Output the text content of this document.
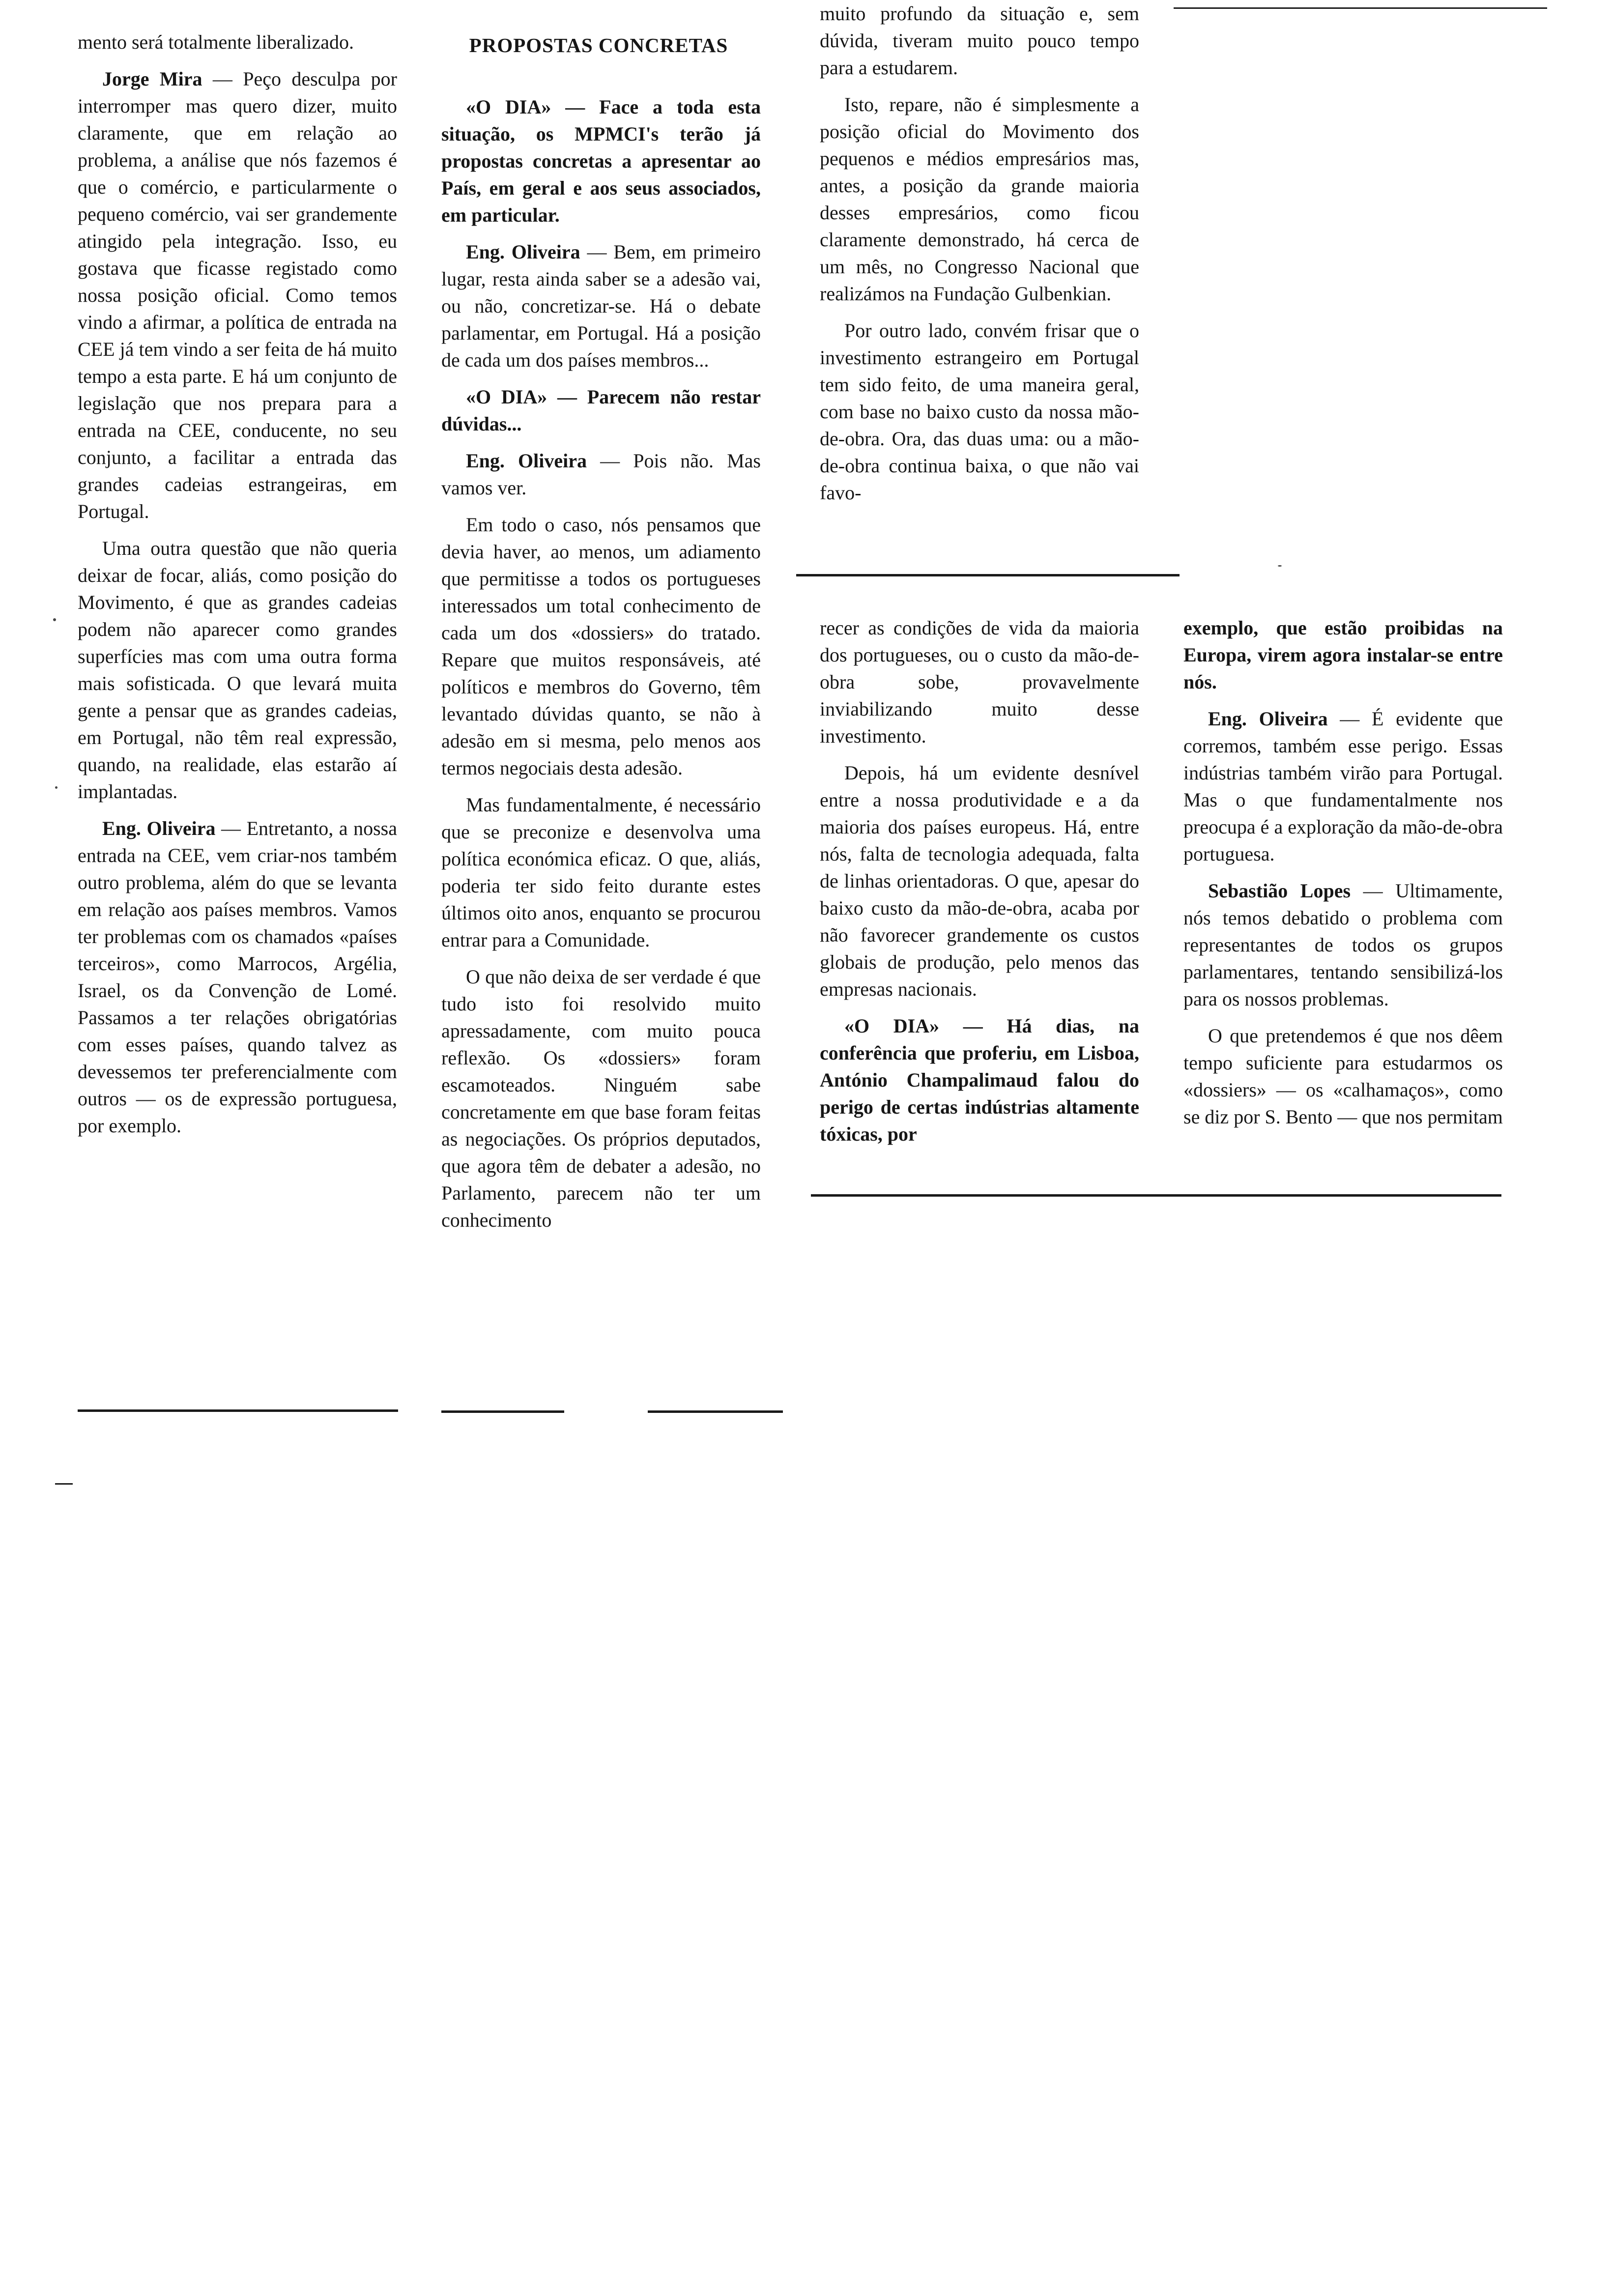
mento será totalmente liberalizado.

Jorge Mira — Peço desculpa por interromper mas quero dizer, muito claramente, que em relação ao problema, a análise que nós fazemos é que o comércio, e particularmente o pequeno comércio, vai ser grandemente atingido pela integração. Isso, eu gostava que ficasse registado como nossa posição oficial. Como temos vindo a afirmar, a política de entrada na CEE já tem vindo a ser feita de há muito tempo a esta parte. E há um conjunto de legislação que nos prepara para a entrada na CEE, conducente, no seu conjunto, a facilitar a entrada das grandes cadeias estrangeiras, em Portugal.

Uma outra questão que não queria deixar de focar, aliás, como posição do Movimento, é que as grandes cadeias podem não aparecer como grandes superfícies mas com uma outra forma mais sofisticada. O que levará muita gente a pensar que as grandes cadeias, em Portugal, não têm real expressão, quando, na realidade, elas estarão aí implantadas.

Eng. Oliveira — Entretanto, a nossa entrada na CEE, vem criar-nos também outro problema, além do que se levanta em relação aos países membros. Vamos ter problemas com os chamados «países terceiros», como Marrocos, Argélia, Israel, os da Convenção de Lomé. Passamos a ter relações obrigatórias com esses países, quando talvez as devessemos ter preferencialmente com outros — os de expressão portuguesa, por exemplo.

PROPOSTAS CONCRETAS

«O DIA» — Face a toda esta situação, os MPMCI's terão já propostas concretas a apresentar ao País, em geral e aos seus associados, em particular.

Eng. Oliveira — Bem, em primeiro lugar, resta ainda saber se a adesão vai, ou não, concretizar-se. Há o debate parlamentar, em Portugal. Há a posição de cada um dos países membros...

«O DIA» — Parecem não restar dúvidas...

Eng. Oliveira — Pois não. Mas vamos ver.

Em todo o caso, nós pensamos que devia haver, ao menos, um adiamento que permitisse a todos os portugueses interessados um total conhecimento de cada um dos «dossiers» do tratado. Repare que muitos responsáveis, até políticos e membros do Governo, têm levantado dúvidas quanto, se não à adesão em si mesma, pelo menos aos termos negociais desta adesão.

Mas fundamentalmente, é necessário que se preconize e desenvolva uma política económica eficaz. O que, aliás, poderia ter sido feito durante estes últimos oito anos, enquanto se procurou entrar para a Comunidade.

O que não deixa de ser verdade é que tudo isto foi resolvido muito apressadamente, com muito pouca reflexão. Os «dossiers» foram escamoteados. Ninguém sabe concretamente em que base foram feitas as negociações. Os próprios deputados, que agora têm de debater a adesão, no Parlamento, parecem não ter um conhecimento

muito profundo da situação e, sem dúvida, tiveram muito pouco tempo para a estudarem.

Isto, repare, não é simplesmente a posição oficial do Movimento dos pequenos e médios empresários mas, antes, a posição da grande maioria desses empresários, como ficou claramente demonstrado, há cerca de um mês, no Congresso Nacional que realizámos na Fundação Gulbenkian.

Por outro lado, convém frisar que o investimento estrangeiro em Portugal tem sido feito, de uma maneira geral, com base no baixo custo da nossa mão-de-obra. Ora, das duas uma: ou a mão-de-obra continua baixa, o que não vai favo-

recer as condições de vida da maioria dos portugueses, ou o custo da mão-de-obra sobe, provavelmente inviabilizando muito desse investimento.

Depois, há um evidente desnível entre a nossa produtividade e a da maioria dos países europeus. Há, entre nós, falta de tecnologia adequada, falta de linhas orientadoras. O que, apesar do baixo custo da mão-de-obra, acaba por não favorecer grandemente os custos globais de produção, pelo menos das empresas nacionais.

«O DIA» — Há dias, na conferência que proferiu, em Lisboa, António Champalimaud falou do perigo de certas indústrias altamente tóxicas, por

exemplo, que estão proibidas na Europa, virem agora instalar-se entre nós.

Eng. Oliveira — É evidente que corremos, também esse perigo. Essas indústrias também virão para Portugal. Mas o que fundamentalmente nos preocupa é a exploração da mão-de-obra portuguesa.

Sebastião Lopes — Ultimamente, nós temos debatido o problema com representantes de todos os grupos parlamentares, tentando sensibilizá-los para os nossos problemas.

O que pretendemos é que nos dêem tempo suficiente para estudarmos os «dossiers» — os «calhamaços», como se diz por S. Bento — que nos permitam
